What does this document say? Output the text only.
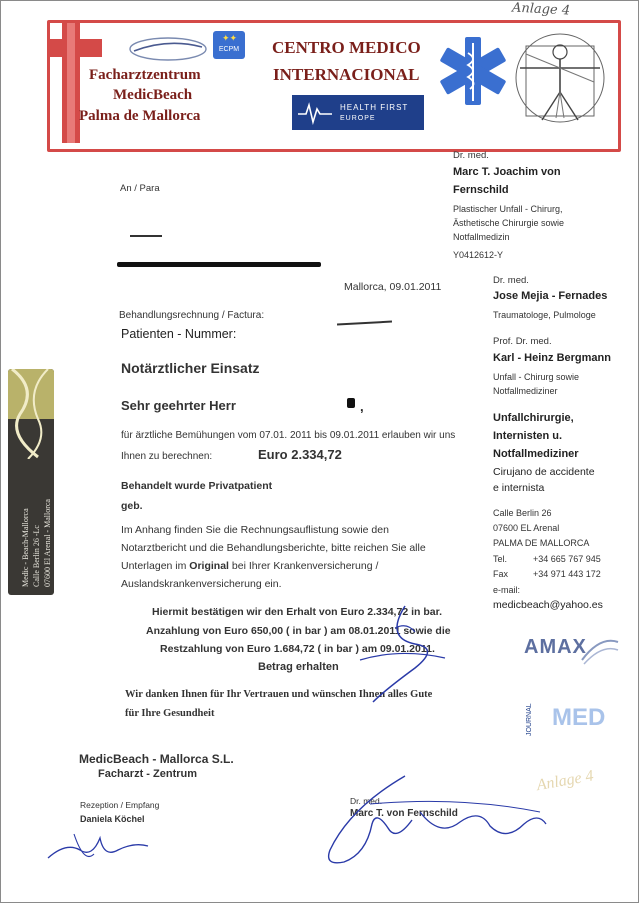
Anlage 4
ECPM
✦✦
Facharztzentrum
MedicBeach
Palma de Mallorca
CENTRO MEDICO
INTERNACIONAL
HEALTH FIRST
EUROPE
Dr. med.
Marc T. Joachim von
Fernschild
Plastischer Unfall - Chirurg,
Ästhetische Chirurgie sowie
Notfallmedizin
Y0412612-Y
Dr. med.
Jose Mejia - Fernades
Traumatologe, Pulmologe
Prof. Dr. med.
Karl - Heinz Bergmann
Unfall - Chirurg sowie
Notfallmediziner
Unfallchirurgie,
Internisten u.
Notfallmediziner
Cirujano de accidente
e internista
Calle Berlin 26
07600 EL Arenal
PALMA DE MALLORCA
Tel.	+34 665 767 945
Fax	+34 971 443 172
e-mail:
medicbeach@yahoo.es
AMAX
JOURNAL MED
An / Para
Mallorca, 09.01.2011
Behandlungsrechnung / Factura:
Patienten - Nummer:
Notärztlicher Einsatz
Sehr geehrter Herr	,
für ärztliche Bemühungen vom 07.01. 2011 bis 09.01.2011 erlauben wir uns
Ihnen zu berechnen:	Euro 2.334,72
Behandelt wurde Privatpatient
geb.
Im Anhang finden Sie die Rechnungsauflistung sowie den
Notarztbericht und die Behandlungsberichte, bitte reichen Sie alle
Unterlagen im Original bei Ihrer Krankenversicherung /
Auslandskrankenversicherung ein.
Hiermit bestätigen wir den Erhalt von Euro 2.334,72 in bar.
Anzahlung von Euro 650,00 ( in bar ) am 08.01.2011 sowie die
Restzahlung von Euro 1.684,72 ( in bar ) am 09.01.2011.
Betrag erhalten
Wir danken Ihnen für Ihr Vertrauen und wünschen Ihnen alles Gute
für Ihre Gesundheit
Medic - Beach-Mallorca Calle Berlin 26 -Lc 07600 El Arenal - Mallorca
MedicBeach - Mallorca S.L.
Facharzt - Zentrum
Rezeption / Empfang
Daniela Köchel
Dr. med.
Marc T. von Fernschild
Anlage 4
